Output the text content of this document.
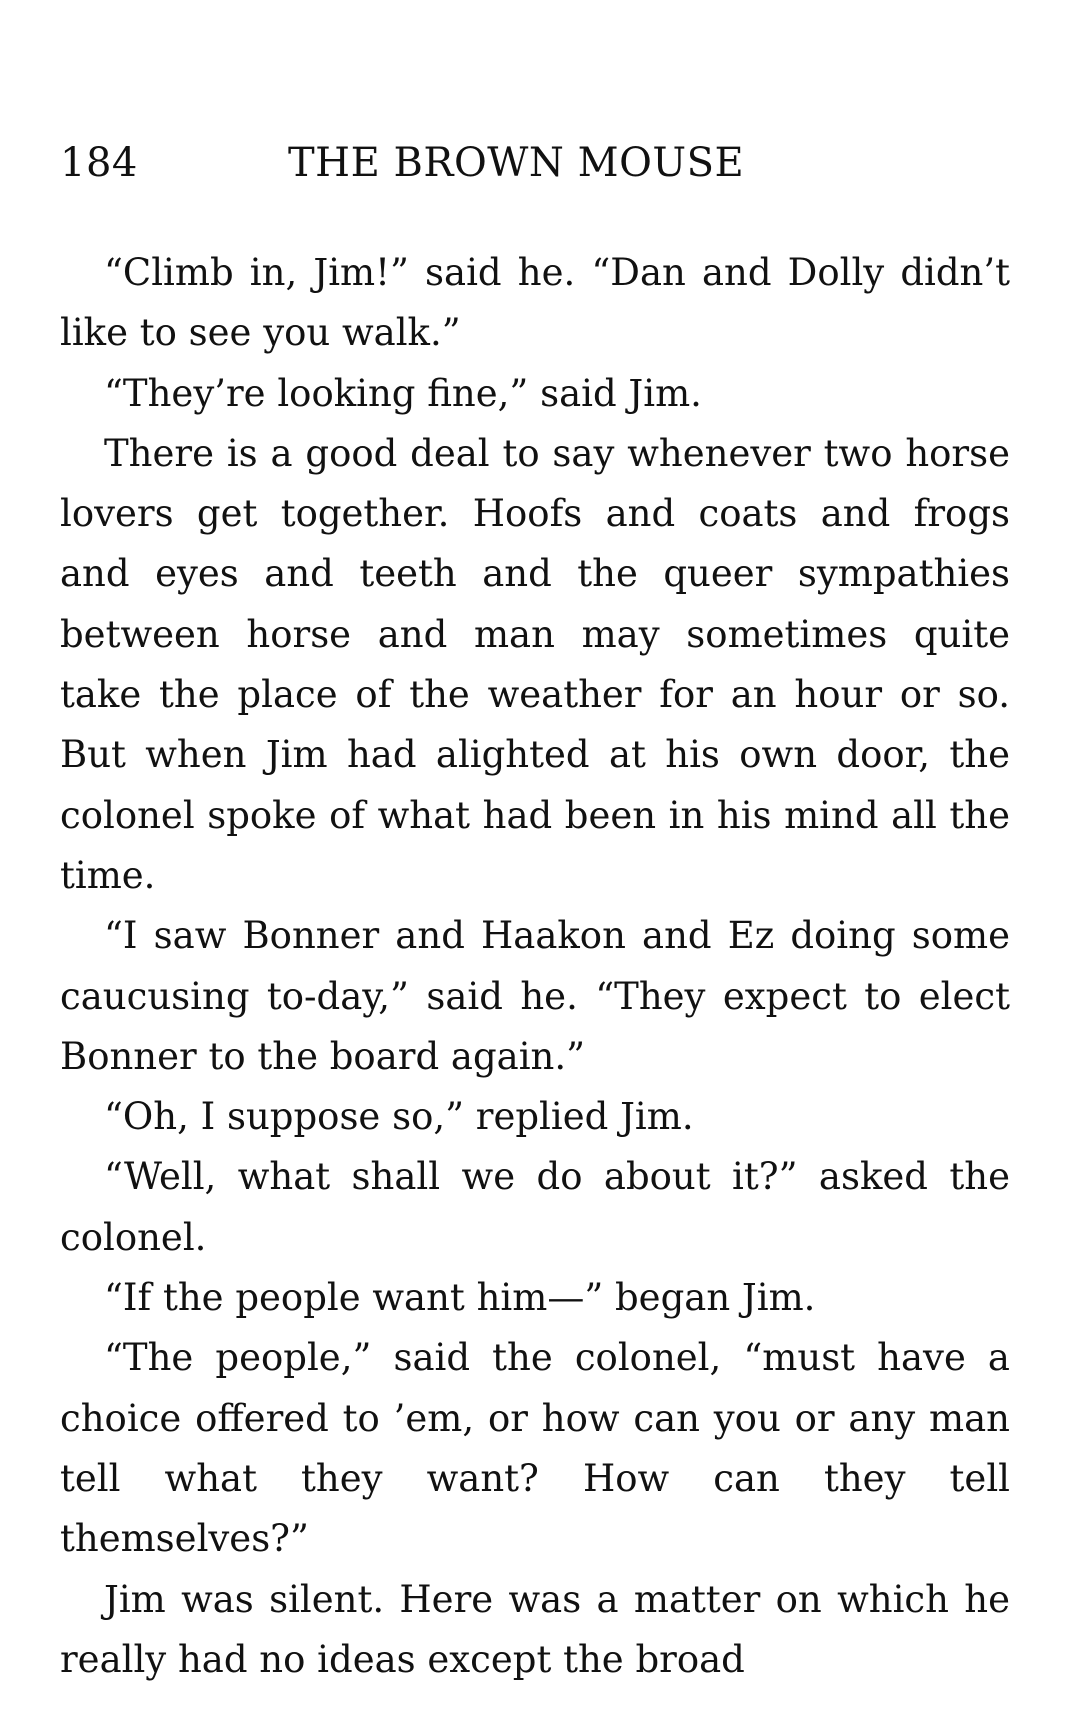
184	THE BROWN MOUSE

“Climb in, Jim!” said he. “Dan and Dolly didn’t like to see you walk.”

“They’re looking fine,” said Jim.

There is a good deal to say whenever two horse lovers get together. Hoofs and coats and frogs and eyes and teeth and the queer sympathies between horse and man may sometimes quite take the place of the weather for an hour or so. But when Jim had alighted at his own door, the colonel spoke of what had been in his mind all the time.

“I saw Bonner and Haakon and Ez doing some caucusing to-day,” said he. “They expect to elect Bonner to the board again.”

“Oh, I suppose so,” replied Jim.

“Well, what shall we do about it?” asked the colonel.

“If the people want him—” began Jim.

“The people,” said the colonel, “must have a choice offered to ’em, or how can you or any man tell what they want? How can they tell themselves?”

Jim was silent. Here was a matter on which he really had no ideas except the broad
